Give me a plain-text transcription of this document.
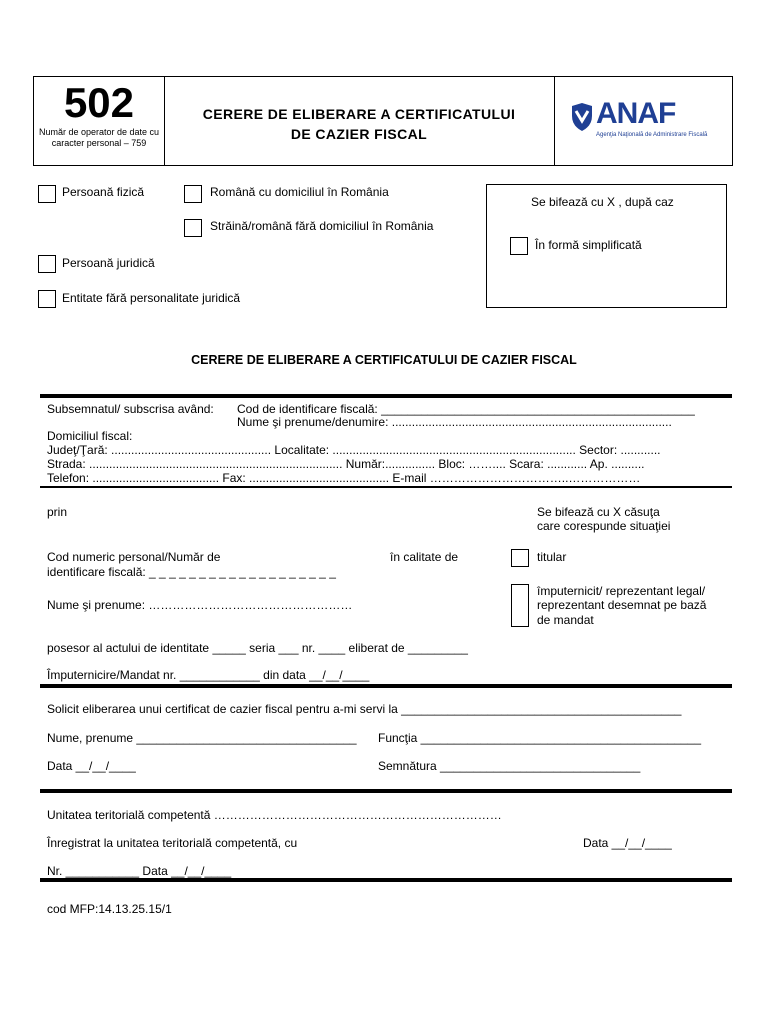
502
Număr de operator de date cu caracter personal – 759
CERERE DE ELIBERARE A CERTIFICATULUI
DE CAZIER FISCAL
ANAF
Agenţia Naţională de Administrare Fiscală
Persoană fizică	Română cu domiciliul în România
Străină/română fără domiciliul în România
Persoană juridică
Entitate fără personalitate juridică
Se bifează cu X , după caz
În formă simplificată
CERERE DE ELIBERARE A CERTIFICATULUI DE CAZIER FISCAL
Subsemnatul/ subscrisa având: Cod de identificare fiscală: _______________________________________________
Nume şi prenume/denumire: ....................................................................................
Domiciliul fiscal:
Judeţ/Ţară: ................................................ Localitate: ......................................................................... Sector: ............
Strada: ............................................................................ Număr:............... Bloc: …….... Scara: ............ Ap. ..........
Telefon: ...................................... Fax: .......................................... E-mail ……………………………..………………
prin	Se bifează cu X căsuţa
care corespunde situaţiei
Cod numeric personal/Număr de
identificare fiscală: _ _ _ _ _ _ _ _ _ _ _ _ _ _ _ _ _ _ _
în calitate de	titular
împuternicit/ reprezentant legal/
reprezentant desemnat pe bază
de mandat
Nume şi prenume: ……………………………………………
posesor al actului de identitate _____ seria ___ nr. ____ eliberat de _________
Împuternicire/Mandat nr. ____________ din data __/__/____
Solicit eliberarea unui certificat de cazier fiscal pentru a-mi servi la __________________________________________
Nume, prenume _________________________________ Funcţia __________________________________________
Data __/__/____	Semnătura ______________________________
Unitatea teritorială competentă ………………………………………………………………
Înregistrat la unitatea teritorială competentă, cu	Data __/__/____
Nr. ___________ Data __/__/____
cod MFP:14.13.25.15/1
